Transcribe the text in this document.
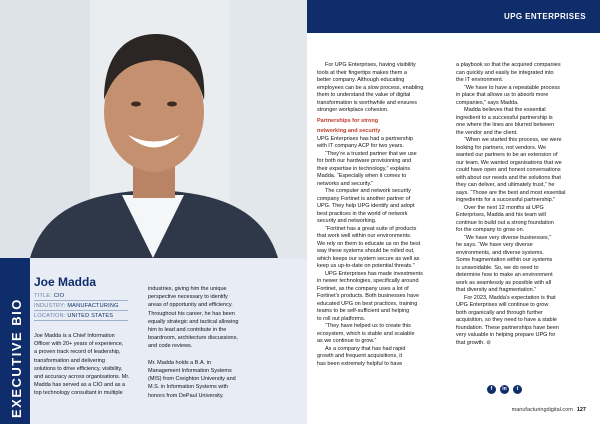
EXECUTIVE BIO
Joe Madda
TITLE: CIO
INDUSTRY: MANUFACTURING
LOCATION: UNITED STATES
Joe Madda is a Chief Information
Officer with 20+ years of experience,
a proven track record of leadership,
transformation and delivering
solutions to drive efficiency, visibility,
and accuracy across organisations. Mr.
Madda has served as a CIO and as a
top technology consultant in multiple
industries, giving him the unique
perspective necessary to identify
areas of opportunity and efficiency.
Throughout his career, he has been
equally strategic and tactical allowing
him to lead and contribute in the
boardroom, architecture discussions,
and code reviews.

Mr. Madda holds a B.A. in
Management Information Systems
(MIS) from Creighton University and
M.S. in Information Systems with
honors from DePaul University.
UPG ENTERPRISES

For UPG Enterprises, having visibility

tools at their fingertips makes them a

better company. Although educating

employees can be a slow process, enabling

them to understand the value of digital

transformation is worthwhile and ensures

stronger workplace cohesion.

Partnerships for strong

networking and security

UPG Enterprises has had a partnership

with IT company ACP for two years.

“They’re a trusted partner that we use

for both our hardware provisioning and

their expertise in technology,” explains

Madda. “Especially when it comes to

networks and security.”

The computer and network security

company Fortinet is another partner of

UPG. They help UPG identify and adopt

best practices in the world of network

security and networking.

“Fortinet has a great suite of products

that work well within our environments.

We rely on them to educate us on the best

way these systems should be rolled out,

which keeps our system secure as well as

keep us up-to-date on potential threats.”

UPG Enterprises has made investments

in newer technologies, specifically around

Fortinet, as the company uses a lot of

Fortinet’s products. Both businesses have

educated UPG on best practices, training

teams to be self-sufficient and helping

to roll out platforms.

“They have helped us to create this

ecosystem, which is stable and scalable

as we continue to grow.”

As a company that has had rapid

growth and frequent acquisitions, it

has been extremely helpful to have

a playbook so that the acquired companies

can quickly and easily be integrated into

the IT environment.

“We have to have a repeatable process

in place that allows us to absorb more

companies,” says Madda.

Madda believes that the essential

ingredient to a successful partnership is

one where the lines are blurred between

the vendor and the client.

“When we started this process, we were

looking for partners, not vendors. We

wanted our partners to be an extension of

our team. We wanted organisations that we

could have open and honest conversations

with about our needs and the solutions that

they can deliver, and ultimately trust,” he

says. “Those are the best and most essential

ingredients for a successful partnership.”

Over the next 12 months at UPG

Enterprises, Madda and his team will

continue to build out a strong foundation

for the company to grow on.

“We have very diverse businesses,”

he says. “We have very diverse

environments, and diverse systems.

Some fragmentation within our systems

is unavoidable. So, we do need to

determine how to make an environment

work as seamlessly as possible with all

that diversity and fragmentation.”

For 2023, Madda’s expectation is that

UPG Enterprises will continue to grow

both organically and through further

acquisition, so they need to have a stable

foundation. These partnerships have been

very valuable in helping prepare UPG for

that growth. ⊘

f	in	t
manufacturingdigital.com 127
